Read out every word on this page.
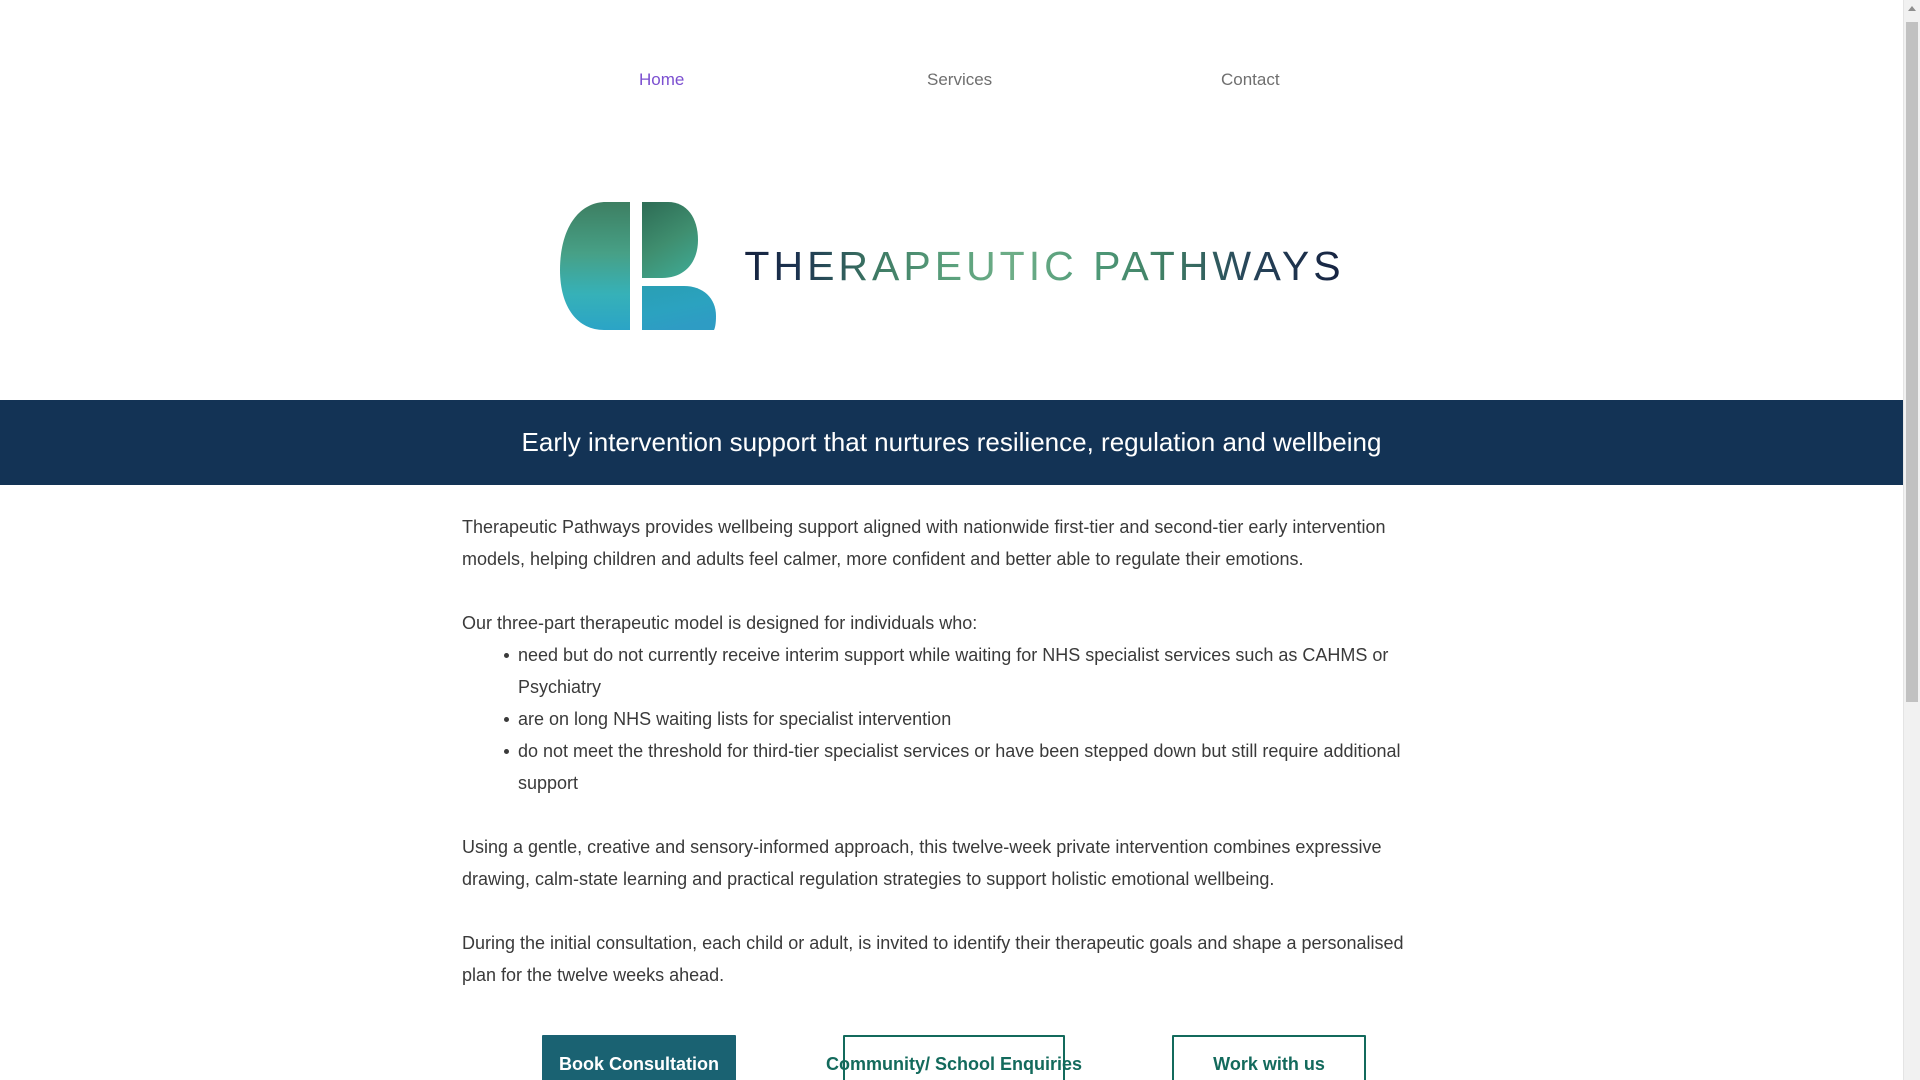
Home	Services	Contact
THERAPEUTIC PATHWAYS
Early intervention support that nurtures resilience, regulation and wellbeing

Therapeutic Pathways provides wellbeing support aligned with nationwide first-tier and second-tier early intervention models, helping children and adults feel calmer, more confident and better able to regulate their emotions.

Our three-part therapeutic model is designed for individuals who:

need but do not currently receive interim support while waiting for NHS specialist services such as CAHMS or Psychiatry
are on long NHS waiting lists for specialist intervention
do not meet the threshold for third-tier specialist services or have been stepped down but still require additional support

Using a gentle, creative and sensory-informed approach, this twelve-week private intervention combines expressive drawing, calm-state learning and practical regulation strategies to support holistic emotional wellbeing.

During the initial consultation, each child or adult, is invited to identify their therapeutic goals and shape a personalised plan for the twelve weeks ahead.

Book Consultation	Community/ School Enquiries	Work with us
